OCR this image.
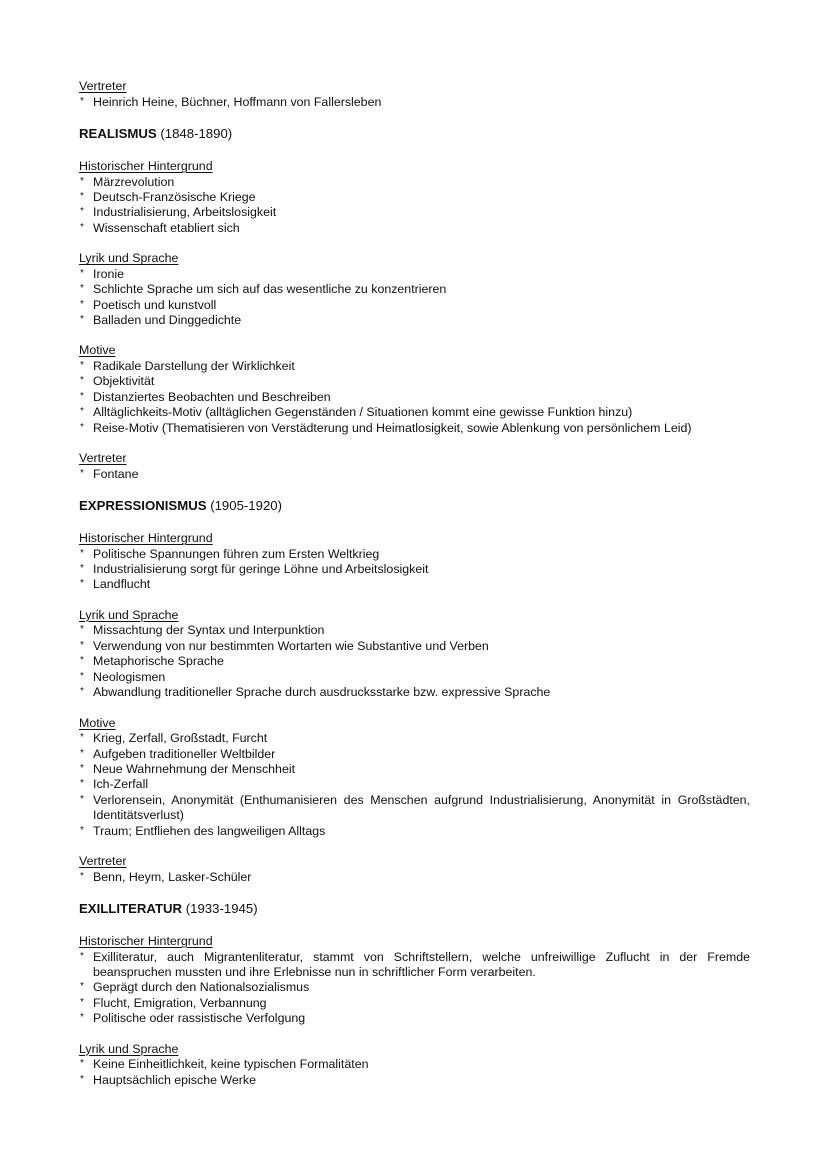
Vertreter
* Heinrich Heine, Büchner, Hoffmann von Fallersleben
REALISMUS (1848-1890)
Historischer Hintergrund
* Märzrevolution
* Deutsch-Französische Kriege
* Industrialisierung, Arbeitslosigkeit
* Wissenschaft etabliert sich
Lyrik und Sprache
* Ironie
* Schlichte Sprache um sich auf das wesentliche zu konzentrieren
* Poetisch und kunstvoll
* Balladen und Dinggedichte
Motive
* Radikale Darstellung der Wirklichkeit
* Objektivität
* Distanziertes Beobachten und Beschreiben
* Alltäglichkeits-Motiv (alltäglichen Gegenständen / Situationen kommt eine gewisse Funktion hinzu)
* Reise-Motiv (Thematisieren von Verstädterung und Heimatlosigkeit, sowie Ablenkung von persönlichem Leid)
Vertreter
* Fontane
EXPRESSIONISMUS (1905-1920)
Historischer Hintergrund
* Politische Spannungen führen zum Ersten Weltkrieg
* Industrialisierung sorgt für geringe Löhne und Arbeitslosigkeit
* Landflucht
Lyrik und Sprache
* Missachtung der Syntax und Interpunktion
* Verwendung von nur bestimmten Wortarten wie Substantive und Verben
* Metaphorische Sprache
* Neologismen
* Abwandlung traditioneller Sprache durch ausdrucksstarke bzw. expressive Sprache
Motive
* Krieg, Zerfall, Großstadt, Furcht
* Aufgeben traditioneller Weltbilder
* Neue Wahrnehmung der Menschheit
* Ich-Zerfall
* Verlorensein, Anonymität (Enthumanisieren des Menschen aufgrund Industrialisierung, Anonymität in Großstädten, Identitätsverlust)
* Traum; Entfliehen des langweiligen Alltags
Vertreter
* Benn, Heym, Lasker-Schüler
EXILLITERATUR (1933-1945)
Historischer Hintergrund
* Exilliteratur, auch Migrantenliteratur, stammt von Schriftstellern, welche unfreiwillige Zuflucht in der Fremde beanspruchen mussten und ihre Erlebnisse nun in schriftlicher Form verarbeiten.
* Geprägt durch den Nationalsozialismus
* Flucht, Emigration, Verbannung
* Politische oder rassistische Verfolgung
Lyrik und Sprache
* Keine Einheitlichkeit, keine typischen Formalitäten
* Hauptsächlich epische Werke
